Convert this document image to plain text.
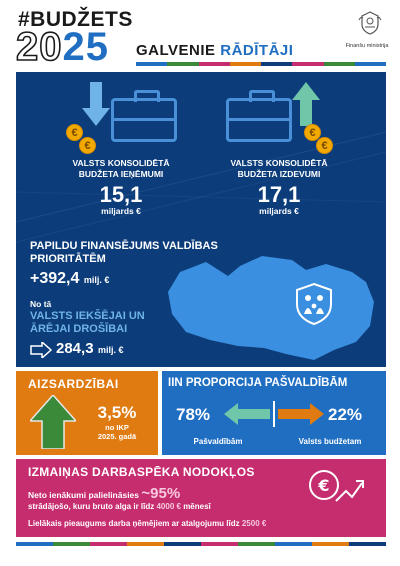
#BUDŽETS
2025 GALVENIE RĀDĪTĀJI	Finanšu ministrija
€
€
€
€
VALSTS KONSOLIDĒTĀ
BUDŽETA IEŅĒMUMI
15,1
miljards €
VALSTS KONSOLIDĒTĀ
BUDŽETA IZDEVUMI
17,1
miljards €
PAPILDU FINANSĒJUMS VALDĪBAS
PRIORITĀTĒM
+392,4 milj. €
No tā
VALSTS IEKŠĒJAI UN
ĀRĒJAI DROŠĪBAI
284,3 milj. €
AIZSARDZĪBAI
3,5%
no IKP
2025. gadā
IIN PROPORCIJA PAŠVALDĪBĀM
78%	22%
Pašvaldībām	Valsts budžetam
IZMAIŅAS DARBASPĒKA NODOKĻOS
Neto ienākumi palielināsies ~95%
strādājošo, kuru bruto alga ir līdz 4000 € mēnesī
Lielākais pieaugums darba ņēmējiem ar atalgojumu līdz 2500 €
€
